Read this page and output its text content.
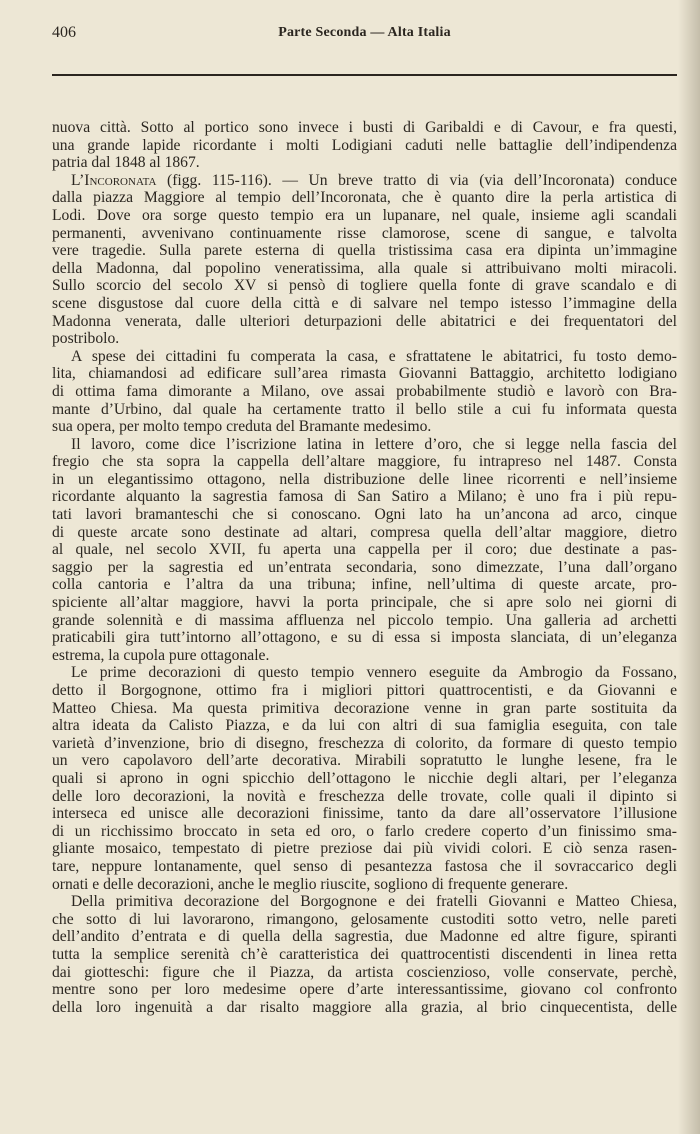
406	Parte Seconda — Alta Italia
nuova città. Sotto al portico sono invece i busti di Garibaldi e di Cavour, e fra questi,
una grande lapide ricordante i molti Lodigiani caduti nelle battaglie dell’indipendenza
patria dal 1848 al 1867.
L’Incoronata (figg. 115-116). — Un breve tratto di via (via dell’Incoronata) conduce
dalla piazza Maggiore al tempio dell’Incoronata, che è quanto dire la perla artistica di
Lodi. Dove ora sorge questo tempio era un lupanare, nel quale, insieme agli scandali
permanenti, avvenivano continuamente risse clamorose, scene di sangue, e talvolta
vere tragedie. Sulla parete esterna di quella tristissima casa era dipinta un’immagine
della Madonna, dal popolino veneratissima, alla quale si attribuivano molti miracoli.
Sullo scorcio del secolo XV si pensò di togliere quella fonte di grave scandalo e di
scene disgustose dal cuore della città e di salvare nel tempo istesso l’immagine della
Madonna venerata, dalle ulteriori deturpazioni delle abitatrici e dei frequentatori del
postribolo.
A spese dei cittadini fu comperata la casa, e sfrattatene le abitatrici, fu tosto demo-
lita, chiamandosi ad edificare sull’area rimasta Giovanni Battaggio, architetto lodigiano
di ottima fama dimorante a Milano, ove assai probabilmente studiò e lavorò con Bra-
mante d’Urbino, dal quale ha certamente tratto il bello stile a cui fu informata questa
sua opera, per molto tempo creduta del Bramante medesimo.
Il lavoro, come dice l’iscrizione latina in lettere d’oro, che si legge nella fascia del
fregio che sta sopra la cappella dell’altare maggiore, fu intrapreso nel 1487. Consta
in un elegantissimo ottagono, nella distribuzione delle linee ricorrenti e nell’insieme
ricordante alquanto la sagrestia famosa di San Satiro a Milano; è uno fra i più repu-
tati lavori bramanteschi che si conoscano. Ogni lato ha un’ancona ad arco, cinque
di queste arcate sono destinate ad altari, compresa quella dell’altar maggiore, dietro
al quale, nel secolo XVII, fu aperta una cappella per il coro; due destinate a pas-
saggio per la sagrestia ed un’entrata secondaria, sono dimezzate, l’una dall’organo
colla cantoria e l’altra da una tribuna; infine, nell’ultima di queste arcate, pro-
spiciente all’altar maggiore, havvi la porta principale, che si apre solo nei giorni di
grande solennità e di massima affluenza nel piccolo tempio. Una galleria ad archetti
praticabili gira tutt’intorno all’ottagono, e su di essa si imposta slanciata, di un’eleganza
estrema, la cupola pure ottagonale.
Le prime decorazioni di questo tempio vennero eseguite da Ambrogio da Fossano,
detto il Borgognone, ottimo fra i migliori pittori quattrocentisti, e da Giovanni e
Matteo Chiesa. Ma questa primitiva decorazione venne in gran parte sostituita da
altra ideata da Calisto Piazza, e da lui con altri di sua famiglia eseguita, con tale
varietà d’invenzione, brio di disegno, freschezza di colorito, da formare di questo tempio
un vero capolavoro dell’arte decorativa. Mirabili sopratutto le lunghe lesene, fra le
quali si aprono in ogni spicchio dell’ottagono le nicchie degli altari, per l’eleganza
delle loro decorazioni, la novità e freschezza delle trovate, colle quali il dipinto si
interseca ed unisce alle decorazioni finissime, tanto da dare all’osservatore l’illusione
di un ricchissimo broccato in seta ed oro, o farlo credere coperto d’un finissimo sma-
gliante mosaico, tempestato di pietre preziose dai più vividi colori. E ciò senza rasen-
tare, neppure lontanamente, quel senso di pesantezza fastosa che il sovraccarico degli
ornati e delle decorazioni, anche le meglio riuscite, sogliono di frequente generare.
Della primitiva decorazione del Borgognone e dei fratelli Giovanni e Matteo Chiesa,
che sotto di lui lavorarono, rimangono, gelosamente custoditi sotto vetro, nelle pareti
dell’andito d’entrata e di quella della sagrestia, due Madonne ed altre figure, spiranti
tutta la semplice serenità ch’è caratteristica dei quattrocentisti discendenti in linea retta
dai giotteschi: figure che il Piazza, da artista coscienzioso, volle conservate, perchè,
mentre sono per loro medesime opere d’arte interessantissime, giovano col confronto
della loro ingenuità a dar risalto maggiore alla grazia, al brio cinquecentista, delle
